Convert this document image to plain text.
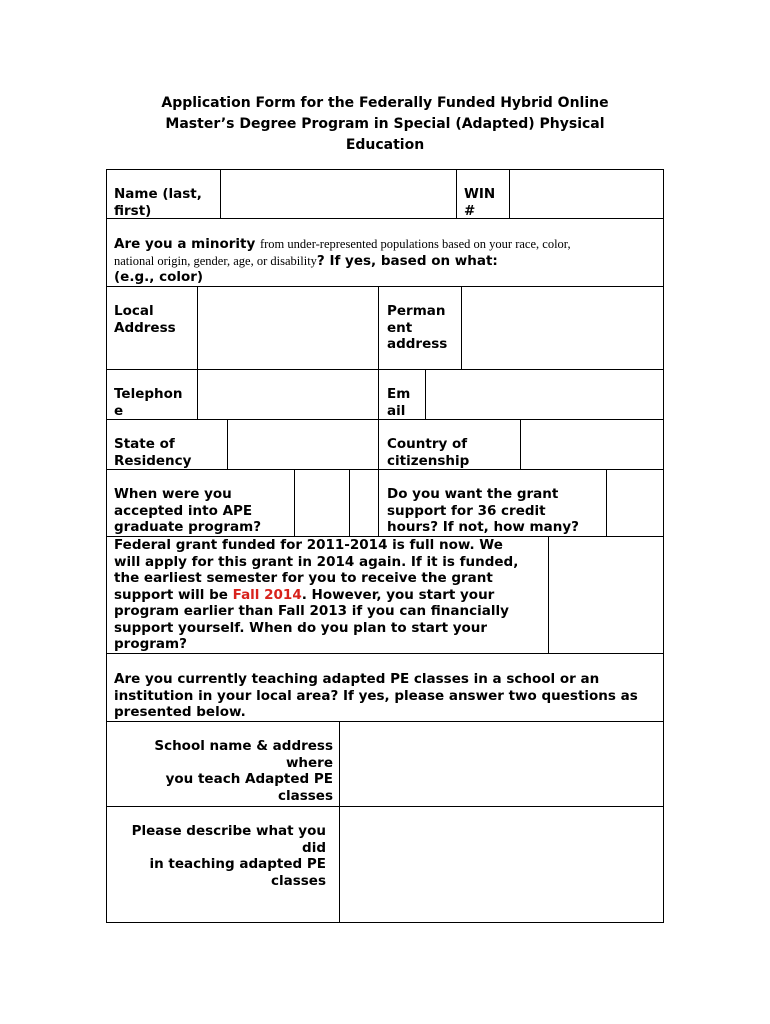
Application Form for the Federally Funded Hybrid Online
Master’s Degree Program in Special (Adapted) Physical
Education
Name (last,
first)
WIN
#
Are you a minority from under-represented populations based on your race, color,
national origin, gender, age, or disability? If yes, based on what:
(e.g., color)
Local
Address
Perman
ent
address
Telephon
e
Em
ail
State of
Residency
Country of
citizenship
When were you
accepted into APE
graduate program?
Do you want the grant
support for 36 credit
hours? If not, how many?
Federal grant funded for 2011-2014 is full now. We
will apply for this grant in 2014 again. If it is funded,
the earliest semester for you to receive the grant
support will be Fall 2014. However, you start your
program earlier than Fall 2013 if you can financially
support yourself. When do you plan to start your
program?
Are you currently teaching adapted PE classes in a school or an
institution in your local area? If yes, please answer two questions as
presented below.
School name & address
where
you teach Adapted PE
classes
Please describe what you
did
in teaching adapted PE
classes
